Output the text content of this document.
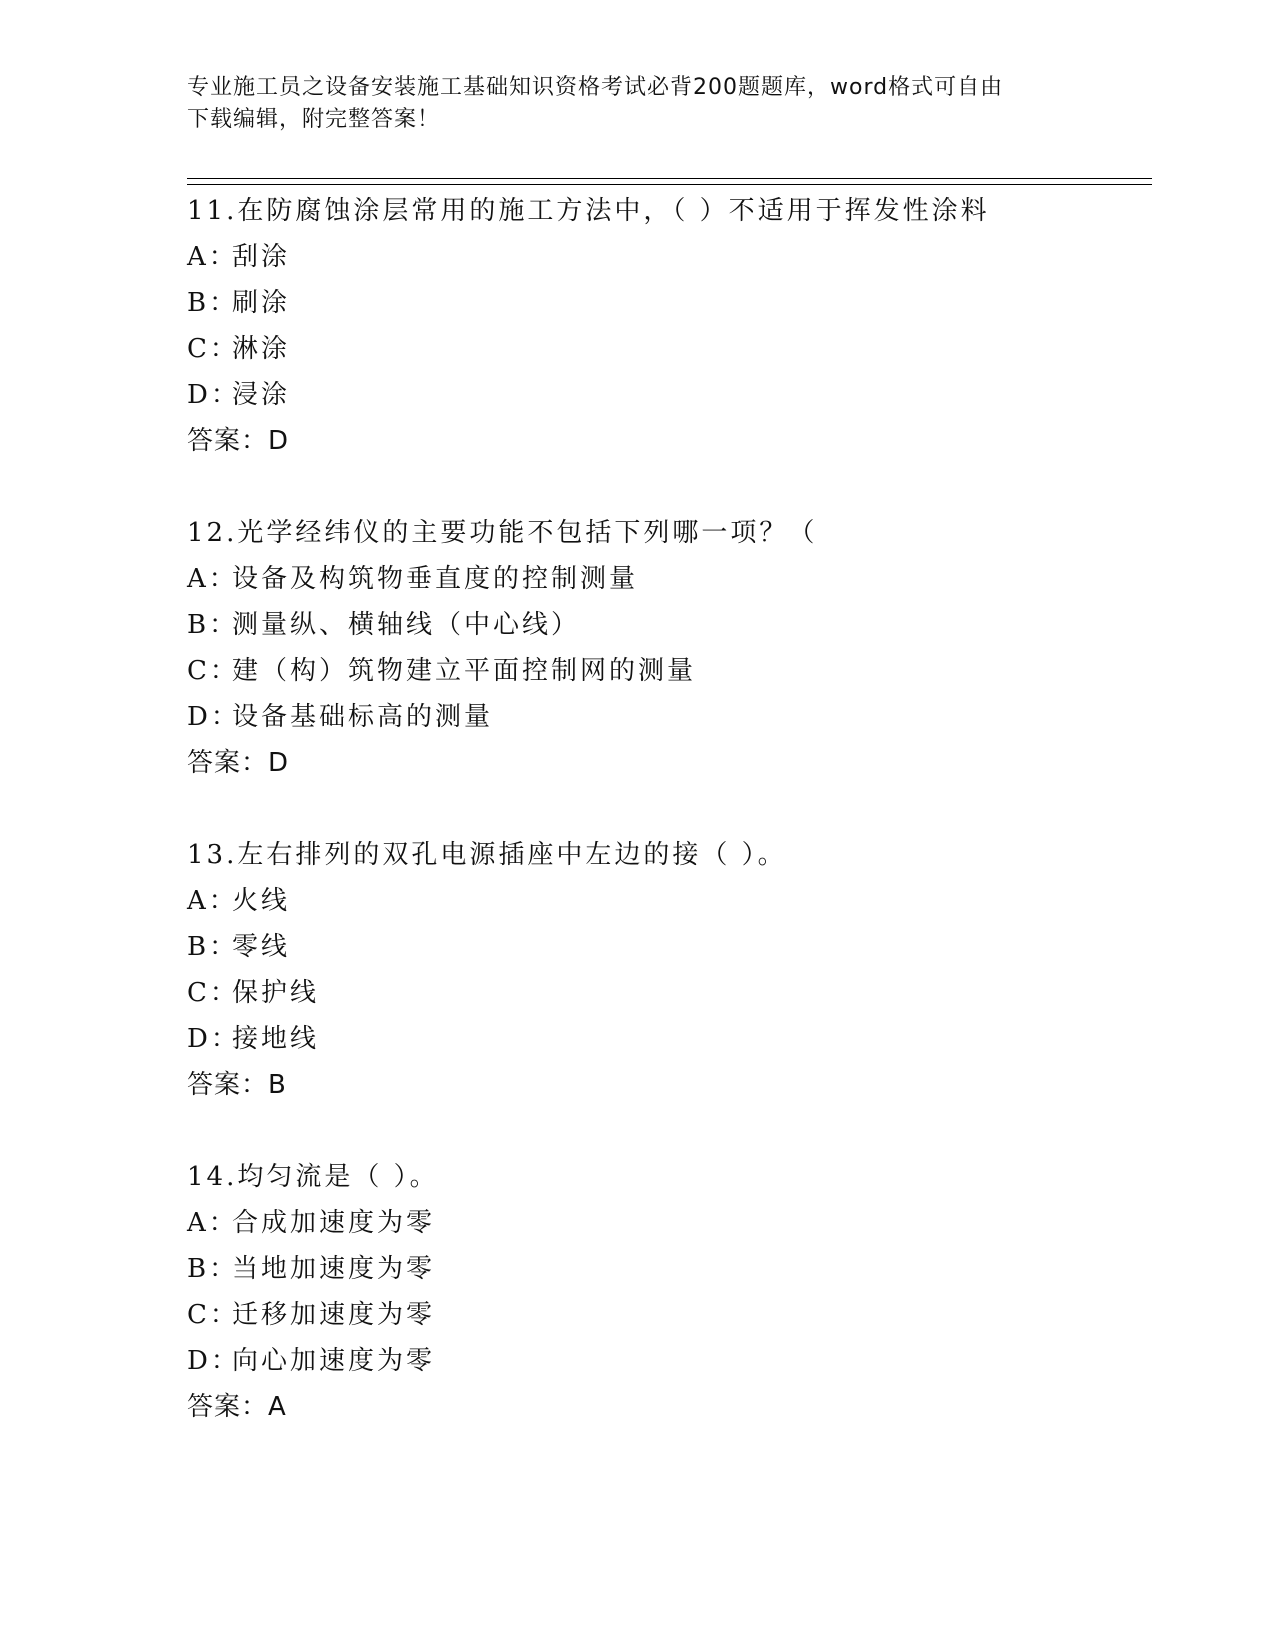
专业施工员之设备安装施工基础知识资格考试必背200题题库，word格式可自由
下载编辑，附完整答案！
11.在防腐蚀涂层常用的施工方法中，（ ）不适用于挥发性涂料
A：刮涂
B：刷涂
C：淋涂
D：浸涂
答案：D
12.光学经纬仪的主要功能不包括下列哪一项？（
A：设备及构筑物垂直度的控制测量
B：测量纵、横轴线（中心线）
C：建（构）筑物建立平面控制网的测量
D：设备基础标高的测量
答案：D
13.左右排列的双孔电源插座中左边的接（ ）。
A：火线
B：零线
C：保护线
D：接地线
答案：B
14.均匀流是（ ）。
A：合成加速度为零
B：当地加速度为零
C：迁移加速度为零
D：向心加速度为零
答案：A
